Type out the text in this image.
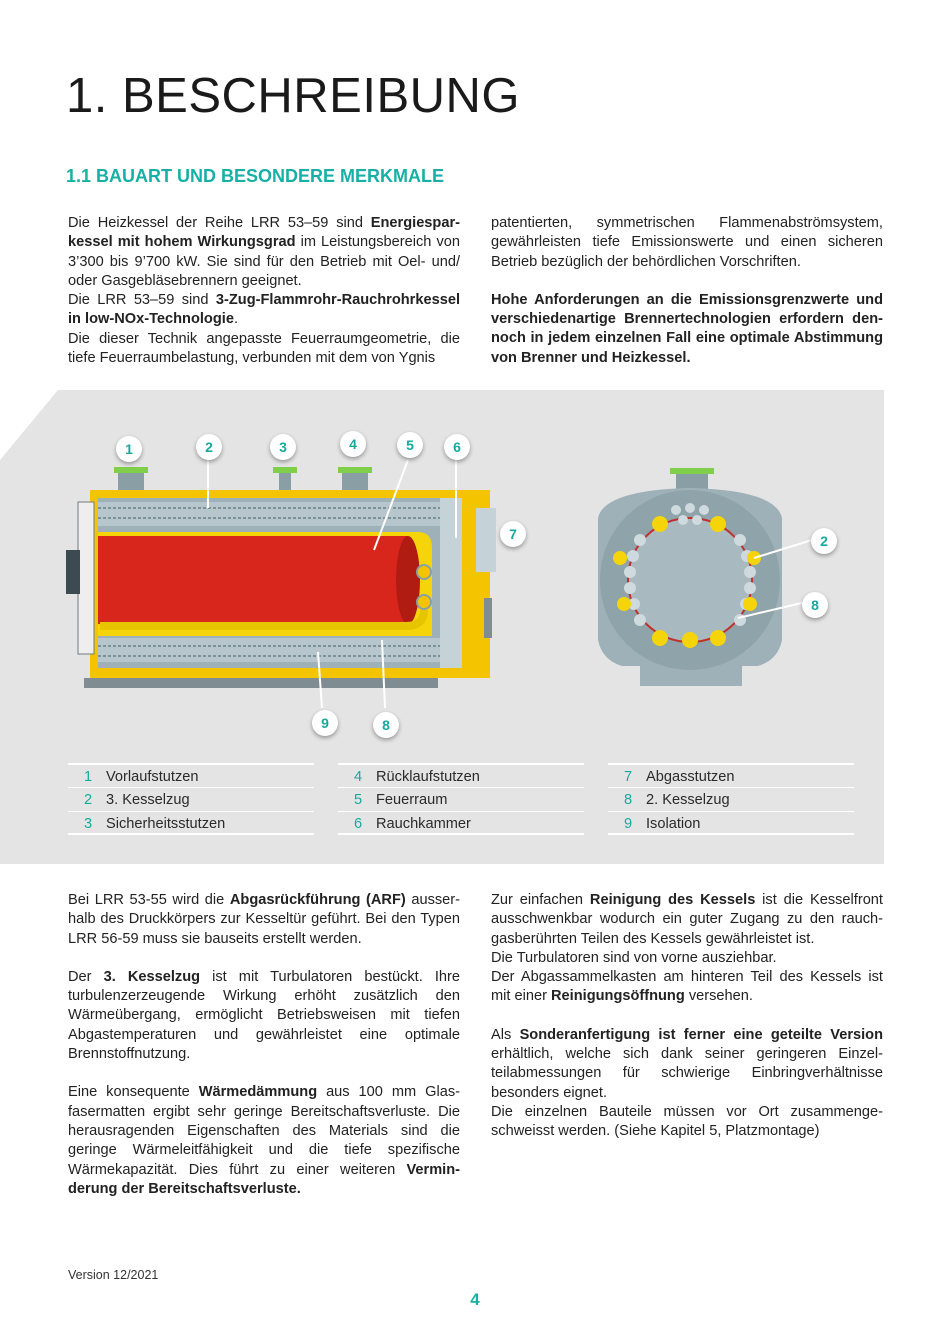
1. BESCHREIBUNG
1.1 BAUART UND BESONDERE MERKMALE

Die Heizkessel der Reihe LRR 53–59 sind Energiespar-kessel mit hohem Wirkungsgrad im Leistungsbereich von 3’300 bis 9’700 kW. Sie sind für den Betrieb mit Oel- und/ oder Gasgebläsebrennern geeignet.

Die LRR 53–59 sind 3-Zug-Flammrohr-Rauchrohrkessel in low-NOx-Technologie.

Die dieser Technik angepasste Feuerraumgeometrie, die tiefe Feuerraumbelastung, verbunden mit dem von Ygnis

patentierten, symmetrischen Flammenabströmsystem, gewährleisten tiefe Emissionswerte und einen sicheren Betrieb bezüglich der behördlichen Vorschriften.

Hohe Anforderungen an die Emissionsgrenzwerte und verschiedenartige Brennertechnologien erfordern den-noch in jedem einzelnen Fall eine optimale Abstimmung von Brenner und Heizkessel.

1	2	3	4	5	6
7
9	8
2
8
1 Vorlaufstutzen
2 3. Kesselzug
3 Sicherheitsstutzen
4 Rücklaufstutzen
5 Feuerraum
6 Rauchkammer
7 Abgasstutzen
8 2. Kesselzug
9 Isolation

Bei LRR 53-55 wird die Abgasrückführung (ARF) ausser-halb des Druckkörpers zur Kesseltür geführt. Bei den Typen LRR 56-59 muss sie bauseits erstellt werden.

Der 3. Kesselzug ist mit Turbulatoren bestückt. Ihre turbulenzerzeugende Wirkung erhöht zusätzlich den Wärmeübergang, ermöglicht Betriebsweisen mit tiefen Abgastemperaturen und gewährleistet eine optimale Brennstoffnutzung.

Eine konsequente Wärmedämmung aus 100 mm Glas-fasermatten ergibt sehr geringe Bereitschaftsverluste. Die herausragenden Eigenschaften des Materials sind die geringe Wärmeleitfähigkeit und die tiefe spezifische Wärmekapazität. Dies führt zu einer weiteren Vermin-derung der Bereitschaftsverluste.

Zur einfachen Reinigung des Kessels ist die Kesselfront ausschwenkbar wodurch ein guter Zugang zu den rauch-gasberührten Teilen des Kessels gewährleistet ist.

Die Turbulatoren sind von vorne ausziehbar.

Der Abgassammelkasten am hinteren Teil des Kessels ist mit einer Reinigungsöffnung versehen.

Als Sonderanfertigung ist ferner eine geteilte Version erhältlich, welche sich dank seiner geringeren Einzel-teilabmessungen für schwierige Einbringverhältnisse besonders eignet.

Die einzelnen Bauteile müssen vor Ort zusammenge-schweisst werden. (Siehe Kapitel 5, Platzmontage)

Version 12/2021
4
